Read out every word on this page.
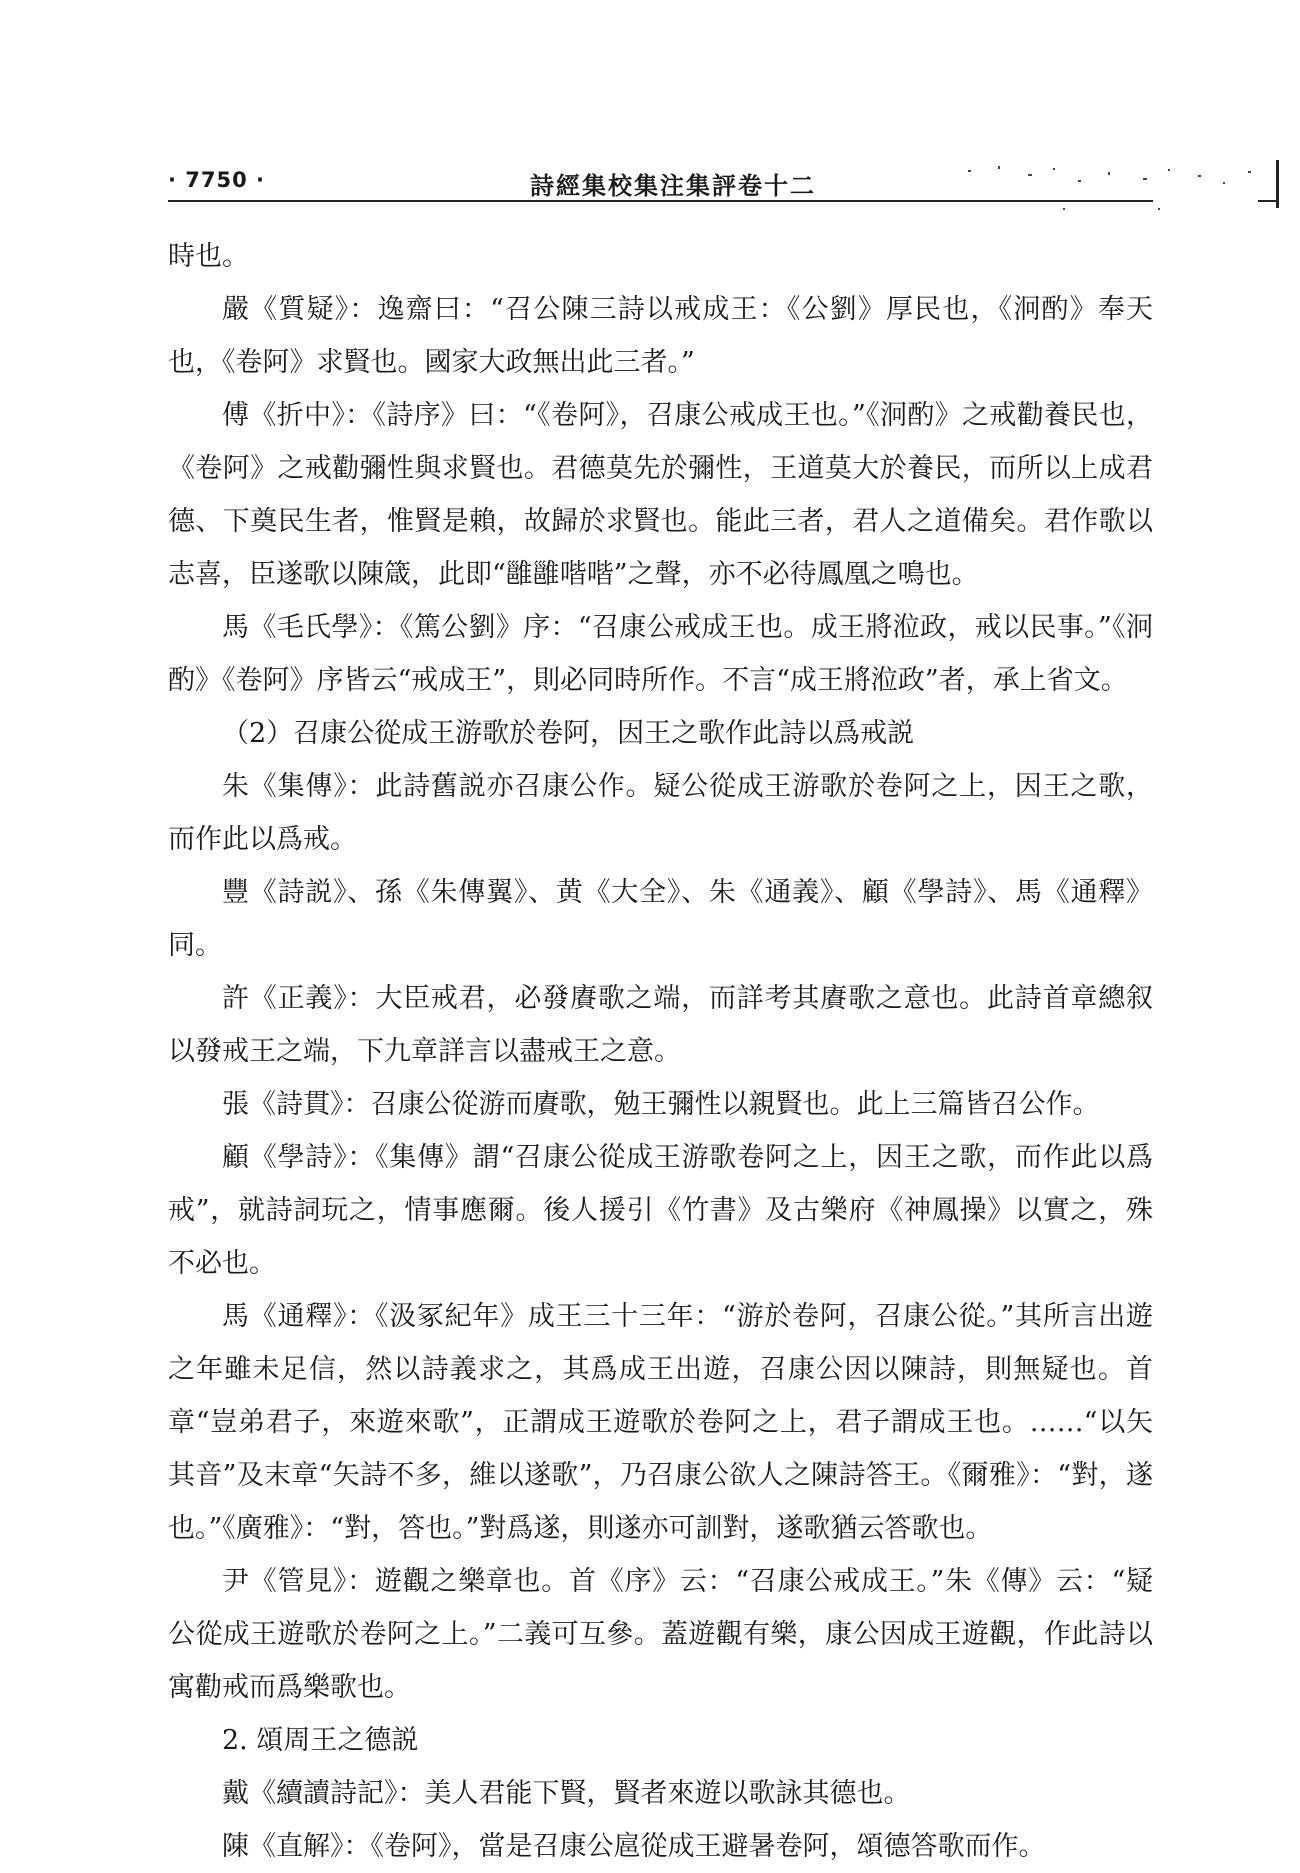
· 7750 ·	詩經集校集注集評卷十二

時也。

嚴《質疑》：逸齋曰：“召公陳三詩以戒成王：《公劉》厚民也，《泂酌》奉天也，《卷阿》求賢也。國家大政無出此三者。”

傅《折中》：《詩序》曰：“《卷阿》，召康公戒成王也。”《泂酌》之戒勸養民也，《卷阿》之戒勸彌性與求賢也。君德莫先於彌性，王道莫大於養民，而所以上成君德、下奠民生者，惟賢是賴，故歸於求賢也。能此三者，君人之道備矣。君作歌以志喜，臣遂歌以陳箴，此即“雝雝喈喈”之聲，亦不必待鳳凰之鳴也。

馬《毛氏學》：《篤公劉》序：“召康公戒成王也。成王將涖政，戒以民事。”《泂酌》《卷阿》序皆云“戒成王”，則必同時所作。不言“成王將涖政”者，承上省文。

（2）召康公從成王游歌於卷阿，因王之歌作此詩以爲戒説

朱《集傳》：此詩舊説亦召康公作。疑公從成王游歌於卷阿之上，因王之歌，而作此以爲戒。

豐《詩説》、孫《朱傳翼》、黄《大全》、朱《通義》、顧《學詩》、馬《通釋》同。

許《正義》：大臣戒君，必發賡歌之端，而詳考其賡歌之意也。此詩首章總叙以發戒王之端，下九章詳言以盡戒王之意。

張《詩貫》：召康公從游而賡歌，勉王彌性以親賢也。此上三篇皆召公作。

顧《學詩》：《集傳》謂“召康公從成王游歌卷阿之上，因王之歌，而作此以爲戒”，就詩詞玩之，情事應爾。後人援引《竹書》及古樂府《神鳳操》以實之，殊不必也。

馬《通釋》：《汲冢紀年》成王三十三年：“游於卷阿，召康公從。”其所言出遊之年雖未足信，然以詩義求之，其爲成王出遊，召康公因以陳詩，則無疑也。首章“豈弟君子，來遊來歌”，正謂成王遊歌於卷阿之上，君子謂成王也。……“以矢其音”及末章“矢詩不多，維以遂歌”，乃召康公欲人之陳詩答王。《爾雅》：“對，遂也。”《廣雅》：“對，答也。”對爲遂，則遂亦可訓對，遂歌猶云答歌也。

尹《管見》：遊觀之樂章也。首《序》云：“召康公戒成王。”朱《傳》云：“疑公從成王遊歌於卷阿之上。”二義可互參。蓋遊觀有樂，康公因成王遊觀，作此詩以寓勸戒而爲樂歌也。

2. 頌周王之德説

戴《續讀詩記》：美人君能下賢，賢者來遊以歌詠其德也。

陳《直解》：《卷阿》，當是召康公扈從成王避暑卷阿，頌德答歌而作。
